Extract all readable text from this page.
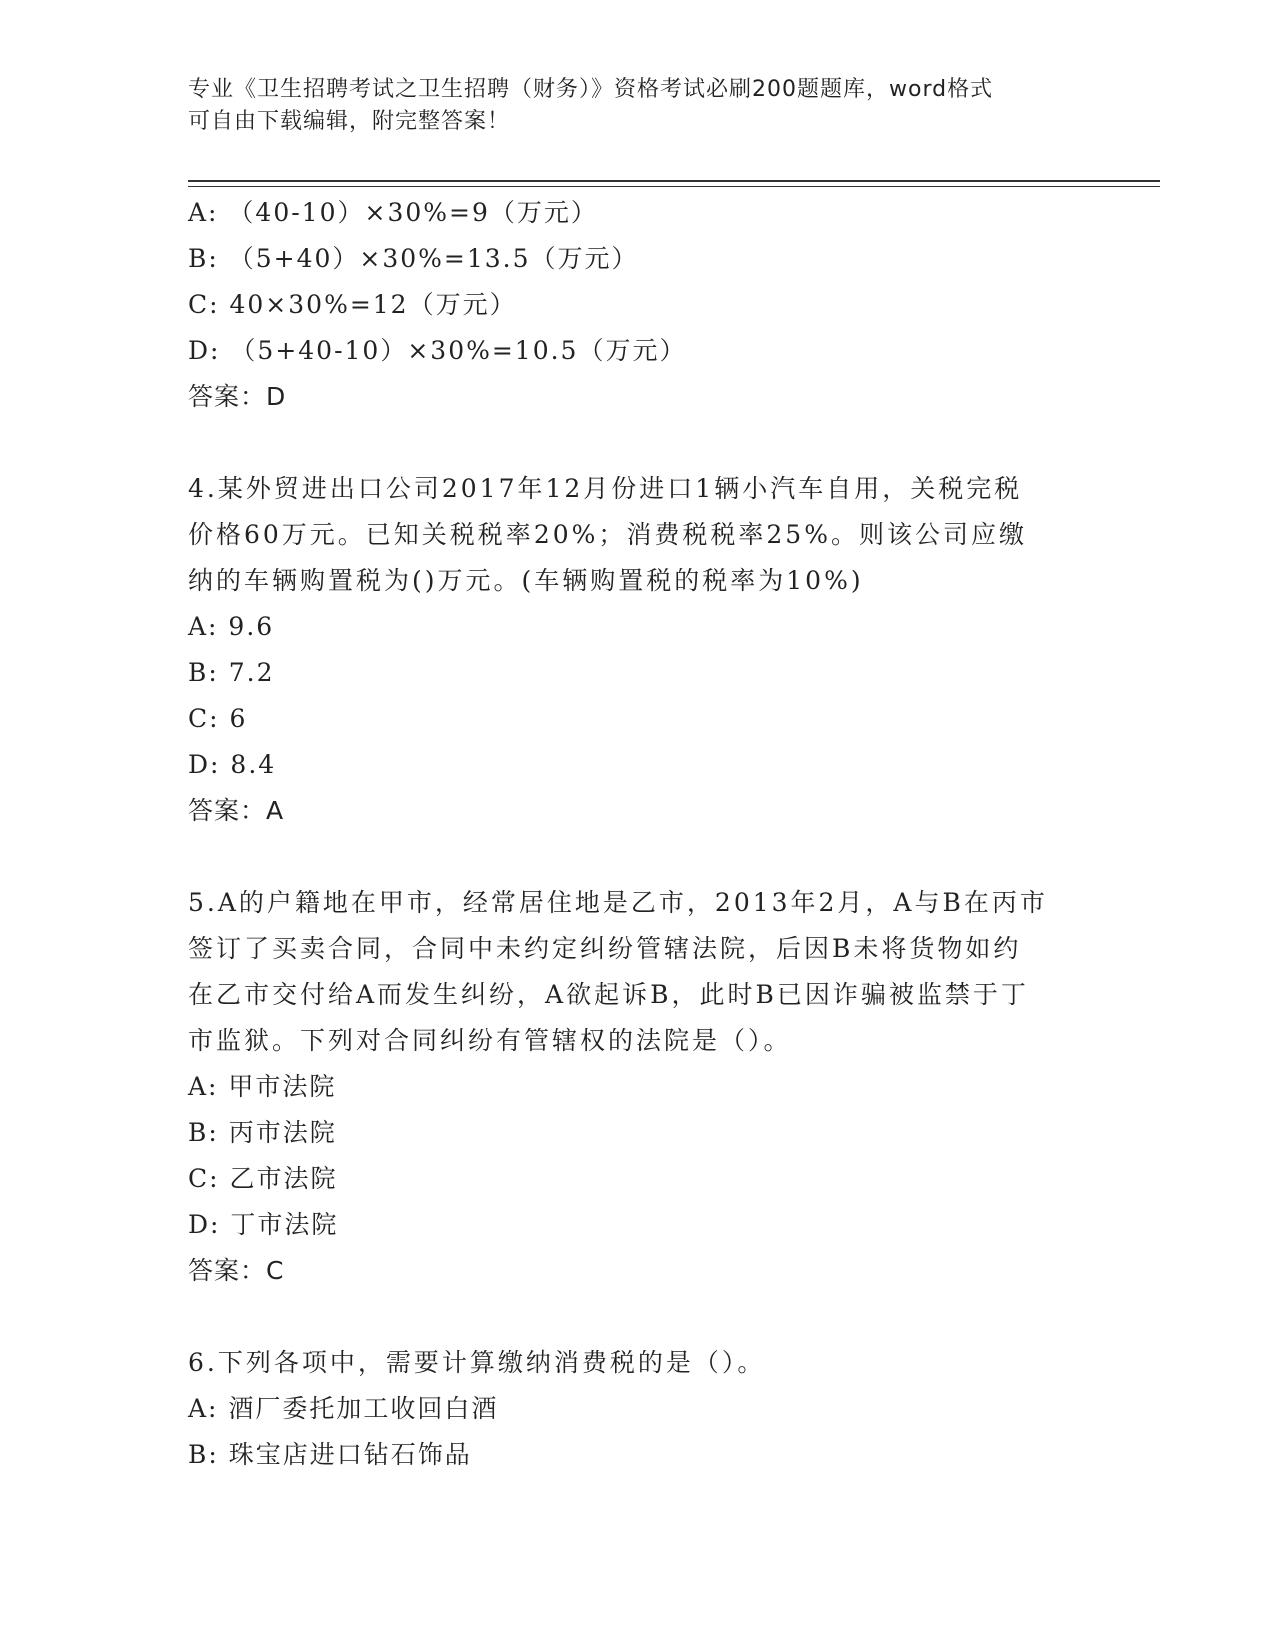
专业《卫生招聘考试之卫生招聘（财务）》资格考试必刷200题题库，word格式
可自由下载编辑，附完整答案！
A: （40-10）×30%=9（万元）
B: （5+40）×30%=13.5（万元）
C: 40×30%=12（万元）
D: （5+40-10）×30%=10.5（万元）
答案：D
4.某外贸进出口公司2017年12月份进口1辆小汽车自用，关税完税
价格60万元。已知关税税率20%；消费税税率25%。则该公司应缴
纳的车辆购置税为()万元。(车辆购置税的税率为10%)
A: 9.6
B: 7.2
C: 6
D: 8.4
答案：A
5.A的户籍地在甲市，经常居住地是乙市，2013年2月，A与B在丙市
签订了买卖合同，合同中未约定纠纷管辖法院，后因B未将货物如约
在乙市交付给A而发生纠纷，A欲起诉B，此时B已因诈骗被监禁于丁
市监狱。下列对合同纠纷有管辖权的法院是（）。
A: 甲市法院
B: 丙市法院
C: 乙市法院
D: 丁市法院
答案：C
6.下列各项中，需要计算缴纳消费税的是（）。
A: 酒厂委托加工收回白酒
B: 珠宝店进口钻石饰品
